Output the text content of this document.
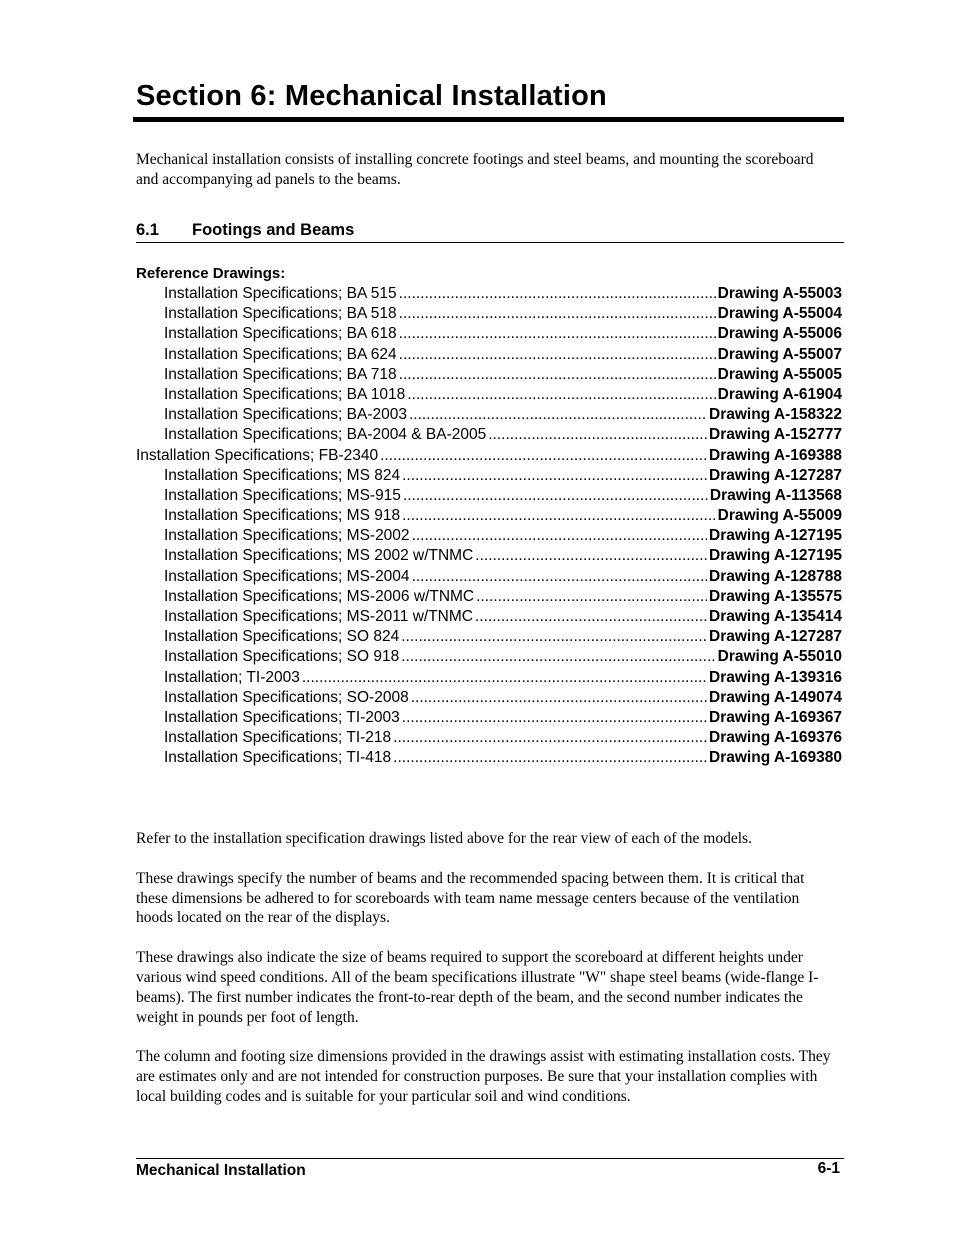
Section 6: Mechanical Installation

Mechanical installation consists of installing concrete footings and steel beams, and mounting the scoreboard and accompanying ad panels to the beams.

6.1 Footings and Beams

Reference Drawings:

Installation Specifications; BA 515 .....	Drawing A-55003
Installation Specifications; BA 518 .....	Drawing A-55004
Installation Specifications; BA 618 .....	Drawing A-55006
Installation Specifications; BA 624 .....	Drawing A-55007
Installation Specifications; BA 718 .....	Drawing A-55005
Installation Specifications; BA 1018 .....	Drawing A-61904
Installation Specifications; BA-2003 .....	Drawing A-158322
Installation Specifications; BA-2004 & BA-2005 .....	Drawing A-152777
Installation Specifications; FB-2340 .....	Drawing A-169388
Installation Specifications; MS 824 .....	Drawing A-127287
Installation Specifications; MS-915 .....	Drawing A-113568
Installation Specifications; MS 918 .....	Drawing A-55009
Installation Specifications; MS-2002 .....	Drawing A-127195
Installation Specifications; MS 2002 w/TNMC .....	Drawing A-127195
Installation Specifications; MS-2004 .....	Drawing A-128788
Installation Specifications; MS-2006 w/TNMC .....	Drawing A-135575
Installation Specifications; MS-2011 w/TNMC .....	Drawing A-135414
Installation Specifications; SO 824 .....	Drawing A-127287
Installation Specifications; SO 918 .....	Drawing A-55010
Installation; TI-2003 .....	Drawing A-139316
Installation Specifications; SO-2008 .....	Drawing A-149074
Installation Specifications; TI-2003 .....	Drawing A-169367
Installation Specifications; TI-218 .....	Drawing A-169376
Installation Specifications; TI-418 .....	Drawing A-169380

Refer to the installation specification drawings listed above for the rear view of each of the models.

These drawings specify the number of beams and the recommended spacing between them. It is critical that these dimensions be adhered to for scoreboards with team name message centers because of the ventilation hoods located on the rear of the displays.

These drawings also indicate the size of beams required to support the scoreboard at different heights under various wind speed conditions. All of the beam specifications illustrate "W" shape steel beams (wide-flange I-beams). The first number indicates the front-to-rear depth of the beam, and the second number indicates the weight in pounds per foot of length.

The column and footing size dimensions provided in the drawings assist with estimating installation costs. They are estimates only and are not intended for construction purposes. Be sure that your installation complies with local building codes and is suitable for your particular soil and wind conditions.

Mechanical Installation	6-1
